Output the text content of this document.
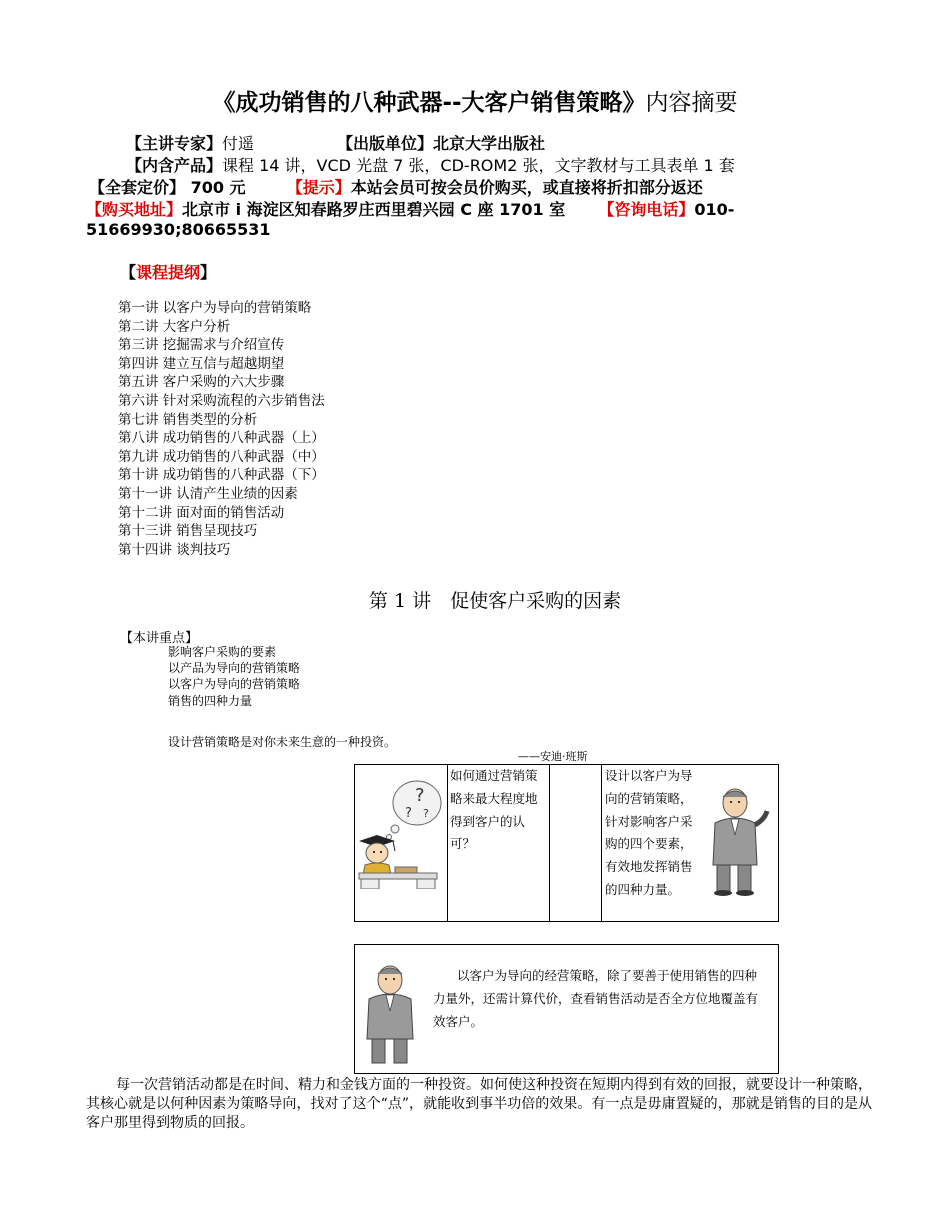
《成功销售的八种武器--大客户销售策略》内容摘要
【主讲专家】付遥	【出版单位】北京大学出版社
【内含产品】课程 14 讲，VCD 光盘 7 张，CD-ROM2 张，文字教材与工具表单 1 套
【全套定价】 700 元	【提示】本站会员可按会员价购买，或直接将折扣部分返还
【购买地址】北京市 i 海淀区知春路罗庄西里碧兴园 C 座 1701 室 【咨询电话】010-
51669930;80665531
【课程提纲】
第一讲 以客户为导向的营销策略
第二讲 大客户分析
第三讲 挖掘需求与介绍宣传
第四讲 建立互信与超越期望
第五讲 客户采购的六大步骤
第六讲 针对采购流程的六步销售法
第七讲 销售类型的分析
第八讲 成功销售的八种武器（上）
第九讲 成功销售的八种武器（中）
第十讲 成功销售的八种武器（下）
第十一讲 认清产生业绩的因素
第十二讲 面对面的销售活动
第十三讲 销售呈现技巧
第十四讲 谈判技巧
第 1 讲　促使客户采购的因素
【本讲重点】
影响客户采购的要素
以产品为导向的营销策略
以客户为导向的营销策略
销售的四种力量
设计营销策略是对你未来生意的一种投资。
——安迪·班斯
?
? ?
如何通过营销策略来最大程度地得到客户的认可？
设计以客户为导向的营销策略，针对影响客户采购的四个要素，有效地发挥销售的四种力量。
以客户为导向的经营策略，除了要善于使用销售的四种力量外，还需计算代价，查看销售活动是否全方位地覆盖有效客户。
每一次营销活动都是在时间、精力和金钱方面的一种投资。如何使这种投资在短期内得到有效的回报，就要设计一种策略，其核心就是以何种因素为策略导向，找对了这个“点”，就能收到事半功倍的效果。有一点是毋庸置疑的，那就是销售的目的是从客户那里得到物质的回报。
